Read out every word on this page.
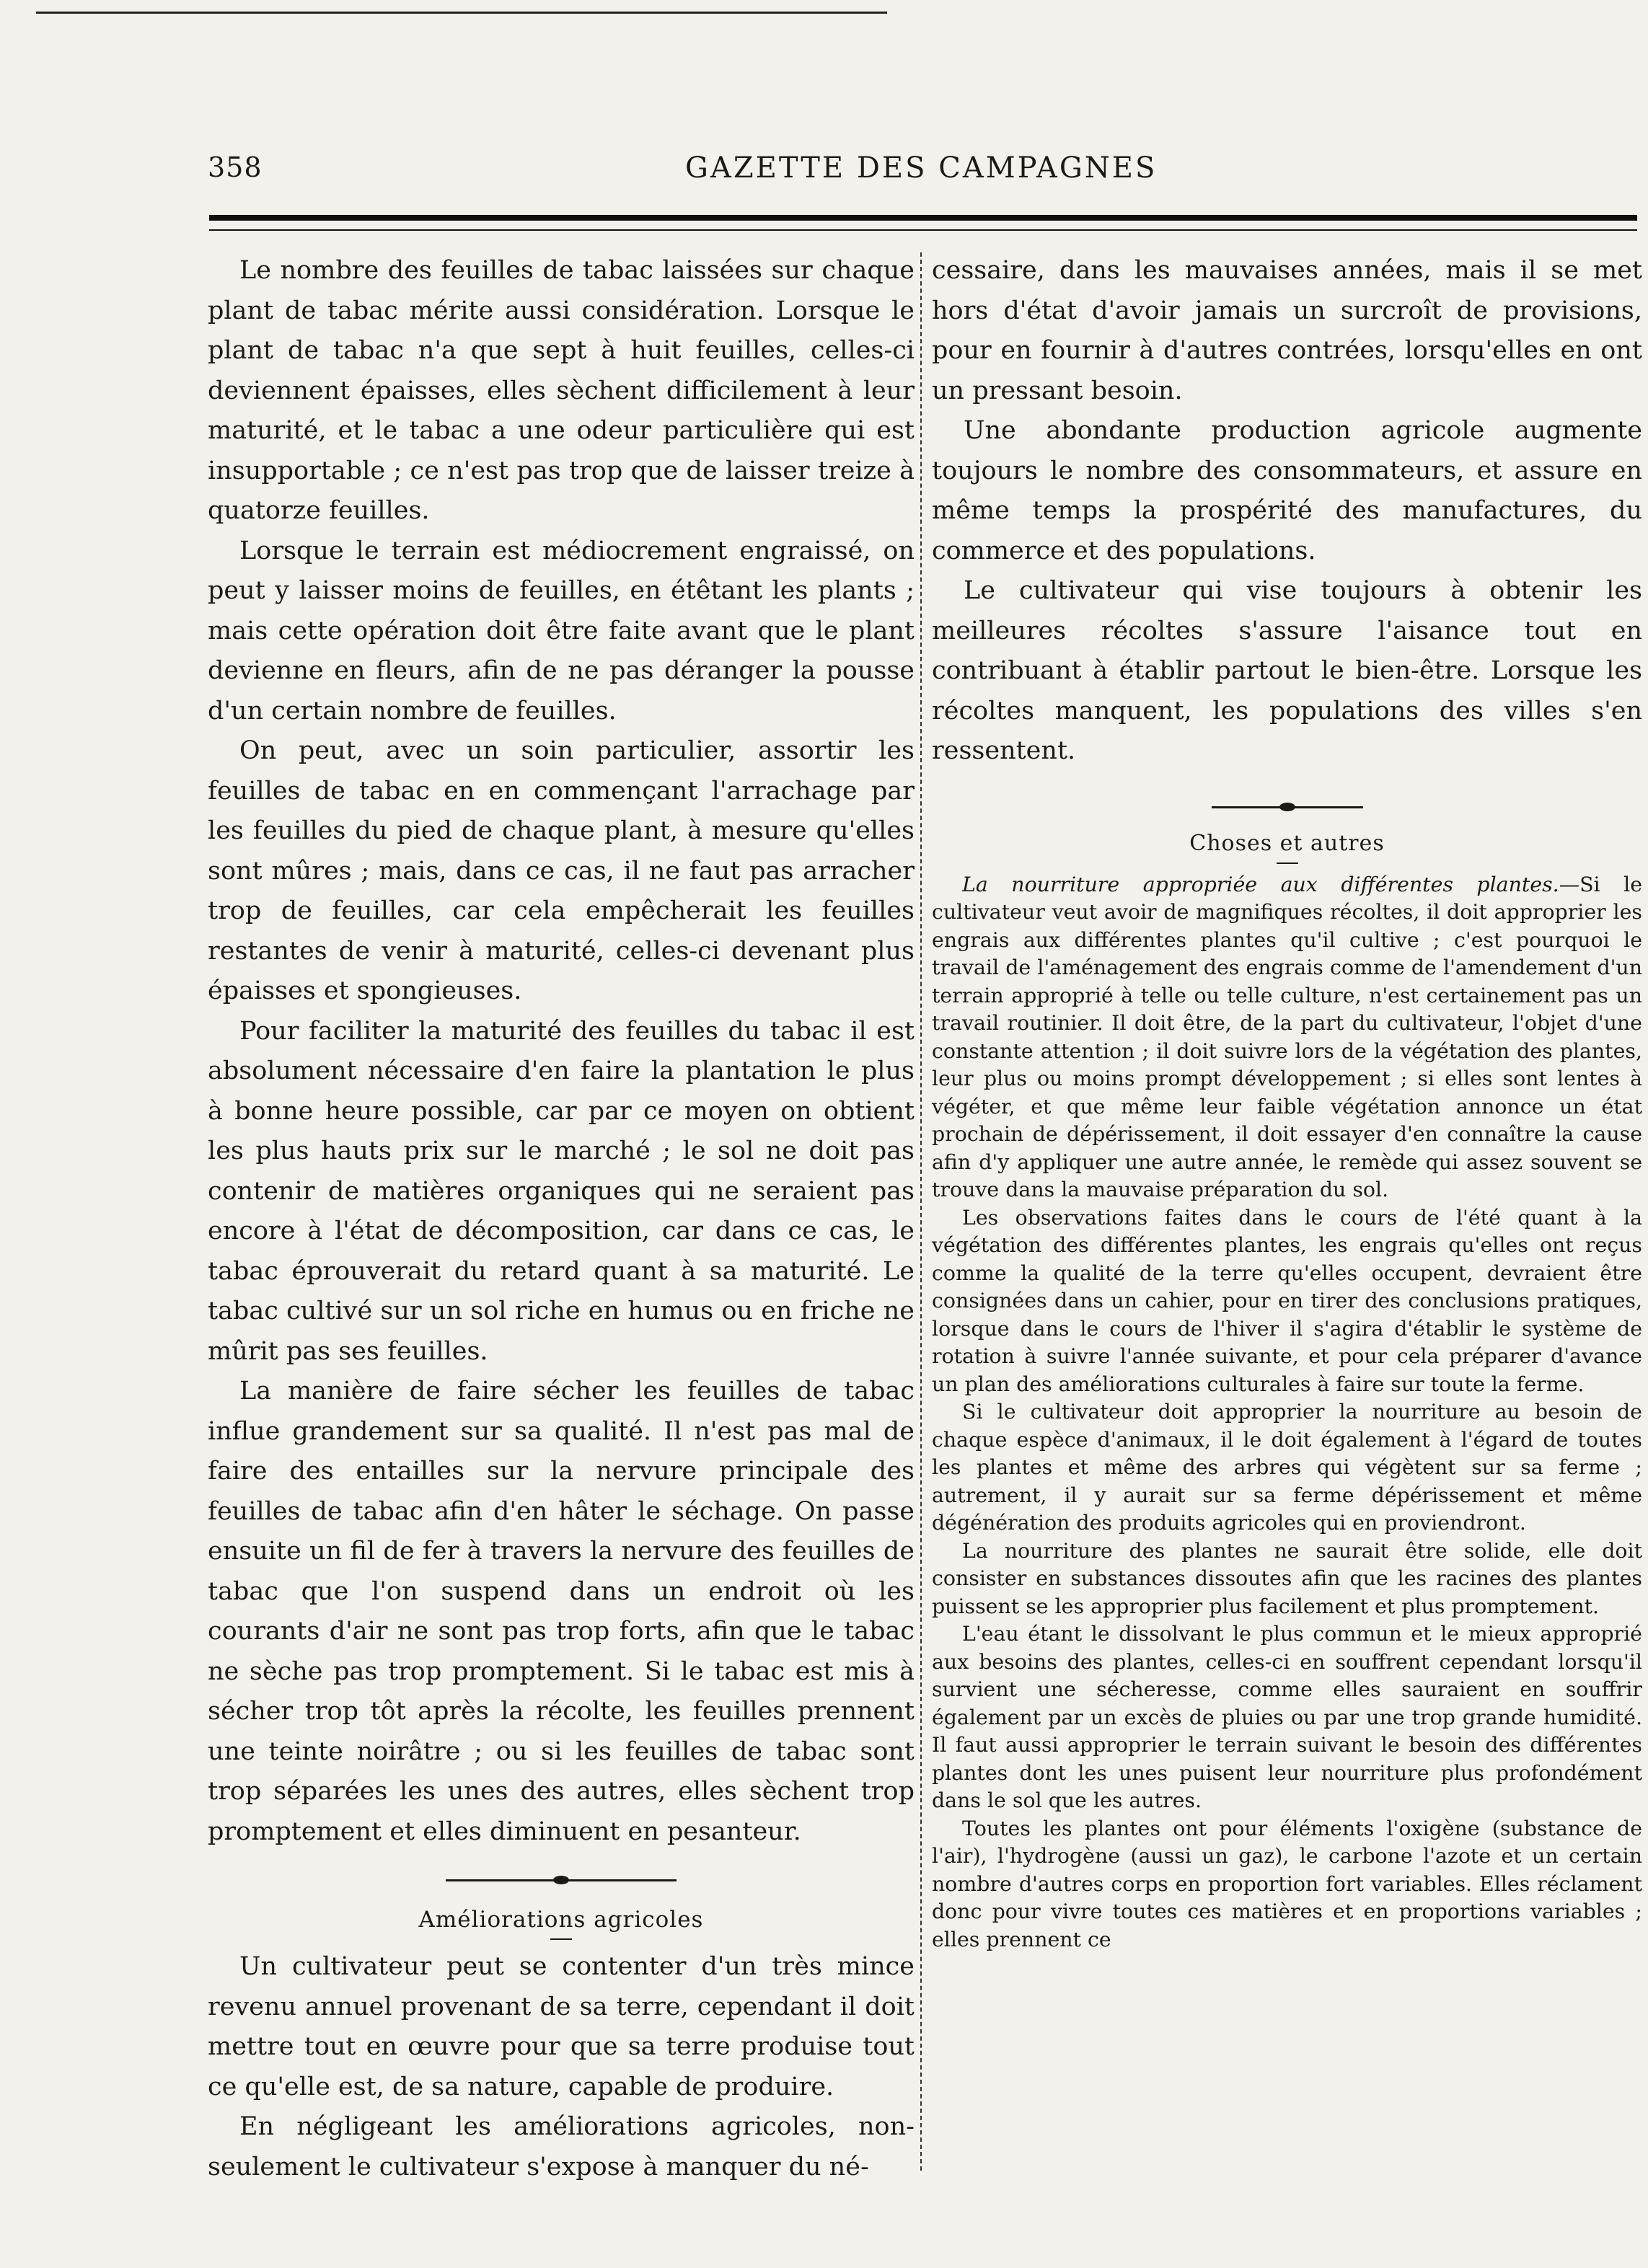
358	GAZETTE DES CAMPAGNES

Le nombre des feuilles de tabac laissées sur chaque plant de tabac mérite aussi considération. Lorsque le plant de tabac n'a que sept à huit feuilles, celles-ci deviennent épaisses, elles sèchent difficilement à leur maturité, et le tabac a une odeur particulière qui est insupportable ; ce n'est pas trop que de laisser treize à quatorze feuilles.

Lorsque le terrain est médiocrement engraissé, on peut y laisser moins de feuilles, en étêtant les plants ; mais cette opération doit être faite avant que le plant devienne en fleurs, afin de ne pas déranger la pousse d'un certain nombre de feuilles.

On peut, avec un soin particulier, assortir les feuilles de tabac en en commençant l'arrachage par les feuilles du pied de chaque plant, à mesure qu'elles sont mûres ; mais, dans ce cas, il ne faut pas arracher trop de feuilles, car cela empêcherait les feuilles restantes de venir à maturité, celles-ci devenant plus épaisses et spongieuses.

Pour faciliter la maturité des feuilles du tabac il est absolument nécessaire d'en faire la plantation le plus à bonne heure possible, car par ce moyen on obtient les plus hauts prix sur le marché ; le sol ne doit pas contenir de matières organiques qui ne seraient pas encore à l'état de décomposition, car dans ce cas, le tabac éprouverait du retard quant à sa maturité. Le tabac cultivé sur un sol riche en humus ou en friche ne mûrit pas ses feuilles.

La manière de faire sécher les feuilles de tabac influe grandement sur sa qualité. Il n'est pas mal de faire des entailles sur la nervure principale des feuilles de tabac afin d'en hâter le séchage. On passe ensuite un fil de fer à travers la nervure des feuilles de tabac que l'on suspend dans un endroit où les courants d'air ne sont pas trop forts, afin que le tabac ne sèche pas trop promptement. Si le tabac est mis à sécher trop tôt après la récolte, les feuilles prennent une teinte noirâtre ; ou si les feuilles de tabac sont trop séparées les unes des autres, elles sèchent trop promptement et elles diminuent en pesanteur.

Améliorations agricoles

Un cultivateur peut se contenter d'un très mince revenu annuel provenant de sa terre, cependant il doit mettre tout en œuvre pour que sa terre produise tout ce qu'elle est, de sa nature, capable de produire.

En négligeant les améliorations agricoles, non-seulement le cultivateur s'expose à manquer du né-

cessaire, dans les mauvaises années, mais il se met hors d'état d'avoir jamais un surcroît de provisions, pour en fournir à d'autres contrées, lorsqu'elles en ont un pressant besoin.

Une abondante production agricole augmente toujours le nombre des consommateurs, et assure en même temps la prospérité des manufactures, du commerce et des populations.

Le cultivateur qui vise toujours à obtenir les meilleures récoltes s'assure l'aisance tout en contribuant à établir partout le bien-être. Lorsque les récoltes manquent, les populations des villes s'en ressentent.

Choses et autres

La nourriture appropriée aux différentes plantes.—Si le cultivateur veut avoir de magnifiques récoltes, il doit approprier les engrais aux différentes plantes qu'il cultive ; c'est pourquoi le travail de l'aménagement des engrais comme de l'amendement d'un terrain approprié à telle ou telle culture, n'est certainement pas un travail routinier. Il doit être, de la part du cultivateur, l'objet d'une constante attention ; il doit suivre lors de la végétation des plantes, leur plus ou moins prompt développement ; si elles sont lentes à végéter, et que même leur faible végétation annonce un état prochain de dépérissement, il doit essayer d'en connaître la cause afin d'y appliquer une autre année, le remède qui assez souvent se trouve dans la mauvaise préparation du sol.

Les observations faites dans le cours de l'été quant à la végétation des différentes plantes, les engrais qu'elles ont reçus comme la qualité de la terre qu'elles occupent, devraient être consignées dans un cahier, pour en tirer des conclusions pratiques, lorsque dans le cours de l'hiver il s'agira d'établir le système de rotation à suivre l'année suivante, et pour cela préparer d'avance un plan des améliorations culturales à faire sur toute la ferme.

Si le cultivateur doit approprier la nourriture au besoin de chaque espèce d'animaux, il le doit également à l'égard de toutes les plantes et même des arbres qui végètent sur sa ferme ; autrement, il y aurait sur sa ferme dépérissement et même dégénération des produits agricoles qui en proviendront.

La nourriture des plantes ne saurait être solide, elle doit consister en substances dissoutes afin que les racines des plantes puissent se les approprier plus facilement et plus promptement.

L'eau étant le dissolvant le plus commun et le mieux approprié aux besoins des plantes, celles-ci en souffrent cependant lorsqu'il survient une sécheresse, comme elles sauraient en souffrir également par un excès de pluies ou par une trop grande humidité. Il faut aussi approprier le terrain suivant le besoin des différentes plantes dont les unes puisent leur nourriture plus profondément dans le sol que les autres.

Toutes les plantes ont pour éléments l'oxigène (substance de l'air), l'hydrogène (aussi un gaz), le carbone l'azote et un certain nombre d'autres corps en proportion fort variables. Elles réclament donc pour vivre toutes ces matières et en proportions variables ; elles prennent ce
